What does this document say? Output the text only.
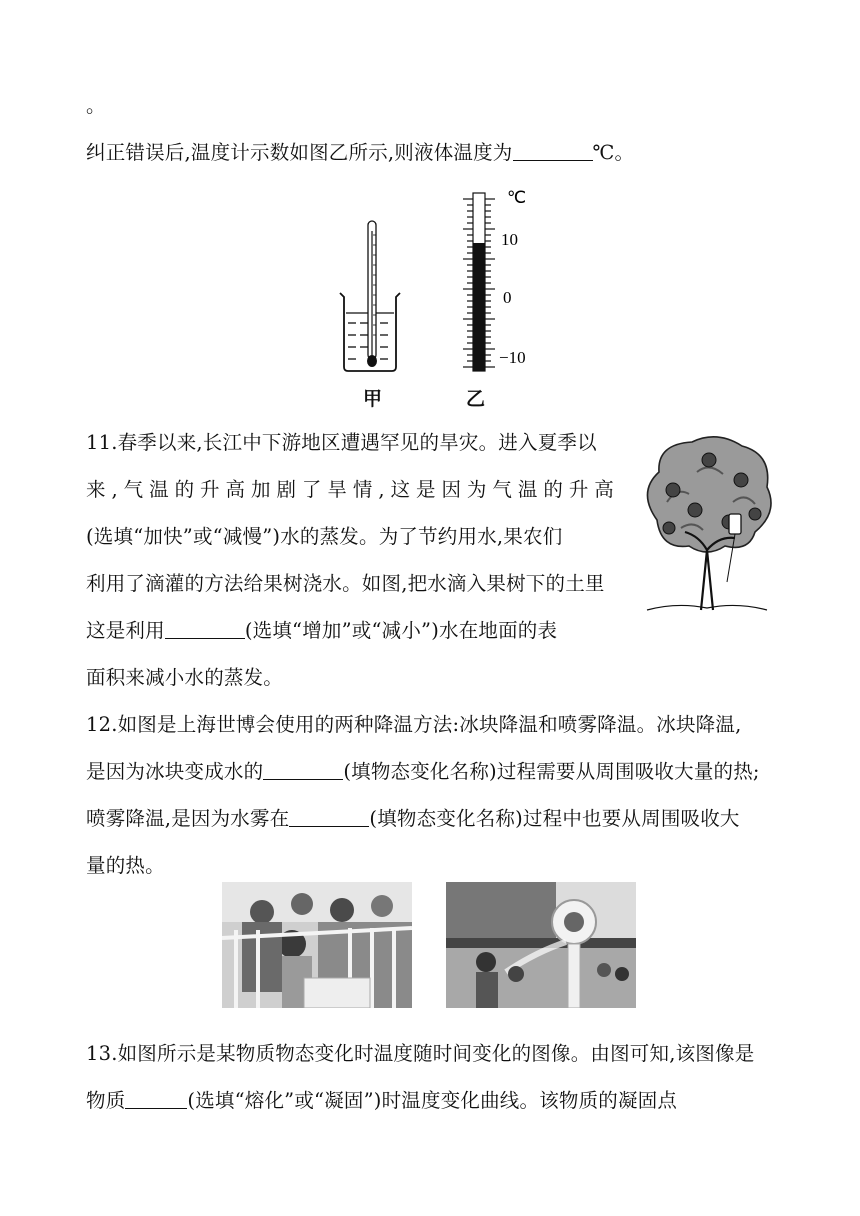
。
纠正错误后,温度计示数如图乙所示,则液体温度为	℃。
甲
℃
10
0
−10
乙
11.春季以来,长江中下游地区遭遇罕见的旱灾。进入夏季以
来,气温的升高加剧了旱情,这是因为气温的升高
(选填“加快”或“减慢”)水的蒸发。为了节约用水,果农们
利用了滴灌的方法给果树浇水。如图,把水滴入果树下的土里
这是利用	(选填“增加”或“减小”)水在地面的表
面积来减小水的蒸发。
12.如图是上海世博会使用的两种降温方法:冰块降温和喷雾降温。冰块降温,
是因为冰块变成水的	(填物态变化名称)过程需要从周围吸收大量的热;
喷雾降温,是因为水雾在	(填物态变化名称)过程中也要从周围吸收大
量的热。
13.如图所示是某物质物态变化时温度随时间变化的图像。由图可知,该图像是
物质	(选填“熔化”或“凝固”)时温度变化曲线。该物质的凝固点
